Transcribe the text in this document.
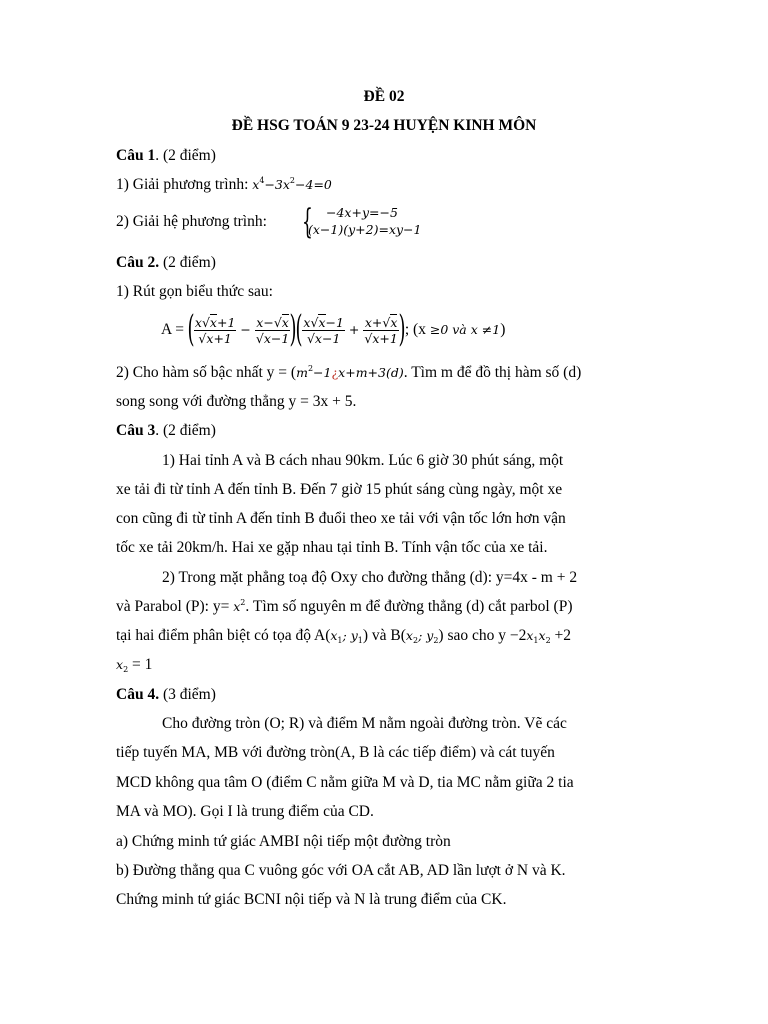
ĐỀ 02
ĐỀ HSG TOÁN 9 23-24 HUYỆN KINH MÔN
Câu 1. (2 điểm)
1) Giải phương trình: $x^4-3x^2-4=0$
2) Giải hệ phương trình: { −4x+y=−5
(x−1)(y+2)=xy−1
Câu 2. (2 điểm)
1) Rút gọn biểu thức sau:
A = ( $\frac{x√x+1}{√x+1} - \frac{x-√x}{√x-1}$ )( $\frac{x√x-1}{√x-1} + \frac{x+√x}{√x+1}$ ); (x ≥0 và x ≠1)
2) Cho hàm số bậc nhất $y = (m^2-1¿x+m+3(d)$. Tìm m để đồ thị hàm số (d)
song song với đường thẳng y = 3x + 5.
Câu 3. (2 điểm)
1) Hai tỉnh A và B cách nhau 90km. Lúc 6 giờ 30 phút sáng, một
xe tải đi từ tỉnh A đến tỉnh B. Đến 7 giờ 15 phút sáng cùng ngày, một xe
con cũng đi từ tỉnh A đến tỉnh B đuổi theo xe tải với vận tốc lớn hơn vận
tốc xe tải 20km/h. Hai xe gặp nhau tại tỉnh B. Tính vận tốc của xe tải.
2) Trong mặt phẳng toạ độ Oxy cho đường thẳng (d): y=4x - m + 2
và Parabol (P): $y= x^2$. Tìm số nguyên m để đường thẳng (d) cắt parbol (P)
tại hai điểm phân biệt có tọa độ $A(x_1$; $y_1$) và $B(x_2$; $y_2$) sao cho $y -2x_1x_2 +2$
$x_2 = 1$
Câu 4. (3 điểm)
Cho đường tròn (O; R) và điểm M nằm ngoài đường tròn. Vẽ các
tiếp tuyến MA, MB với đường tròn(A, B là các tiếp điểm) và cát tuyến
MCD không qua tâm O (điểm C nằm giữa M và D, tia MC nằm giữa 2 tia
MA và MO). Gọi I là trung điểm của CD.
a) Chứng minh tứ giác AMBI nội tiếp một đường tròn
b) Đường thẳng qua C vuông góc với OA cắt AB, AD lần lượt ở N và K.
Chứng minh tứ giác BCNI nội tiếp và N là trung điểm của CK.
